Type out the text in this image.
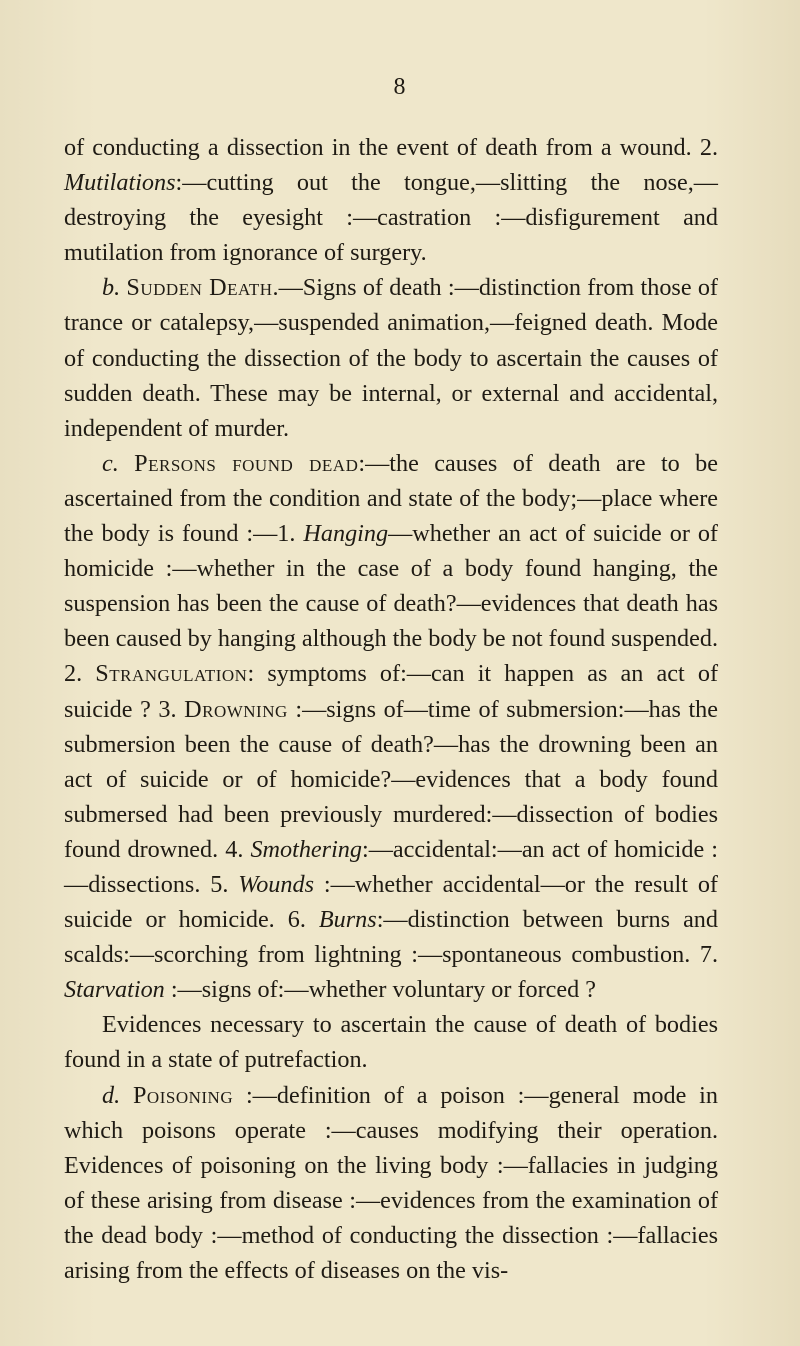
8

of conducting a dissection in the event of death from a wound. 2. Mutilations:—cutting out the tongue,—slitting the nose,—destroying the eyesight :—castration :—disfigurement and mutilation from ignorance of surgery.

b. Sudden Death.—Signs of death :—distinction from those of trance or catalepsy,—suspended animation,—feigned death. Mode of conducting the dissection of the body to ascertain the causes of sudden death. These may be internal, or external and accidental, independent of murder.

c. Persons found dead:—the causes of death are to be ascertained from the condition and state of the body;—place where the body is found :—1. Hanging—whether an act of suicide or of homicide :—whether in the case of a body found hanging, the suspension has been the cause of death?—evidences that death has been caused by hanging although the body be not found suspended. 2. Strangulation: symptoms of:—can it happen as an act of suicide ? 3. Drowning :—signs of—time of submersion:—has the submersion been the cause of death?—has the drowning been an act of suicide or of homicide?—evidences that a body found submersed had been previously murdered:—dissection of bodies found drowned. 4. Smothering:—accidental:—an act of homicide :—dissections. 5. Wounds :—whether accidental—or the result of suicide or homicide. 6. Burns:—distinction between burns and scalds:—scorching from lightning :—spontaneous combustion. 7. Starvation :—signs of:—whether voluntary or forced ?

Evidences necessary to ascertain the cause of death of bodies found in a state of putrefaction.

d. Poisoning :—definition of a poison :—general mode in which poisons operate :—causes modifying their operation. Evidences of poisoning on the living body :—fallacies in judging of these arising from disease :—evidences from the examination of the dead body :—method of conducting the dissection :—fallacies arising from the effects of diseases on the vis-
